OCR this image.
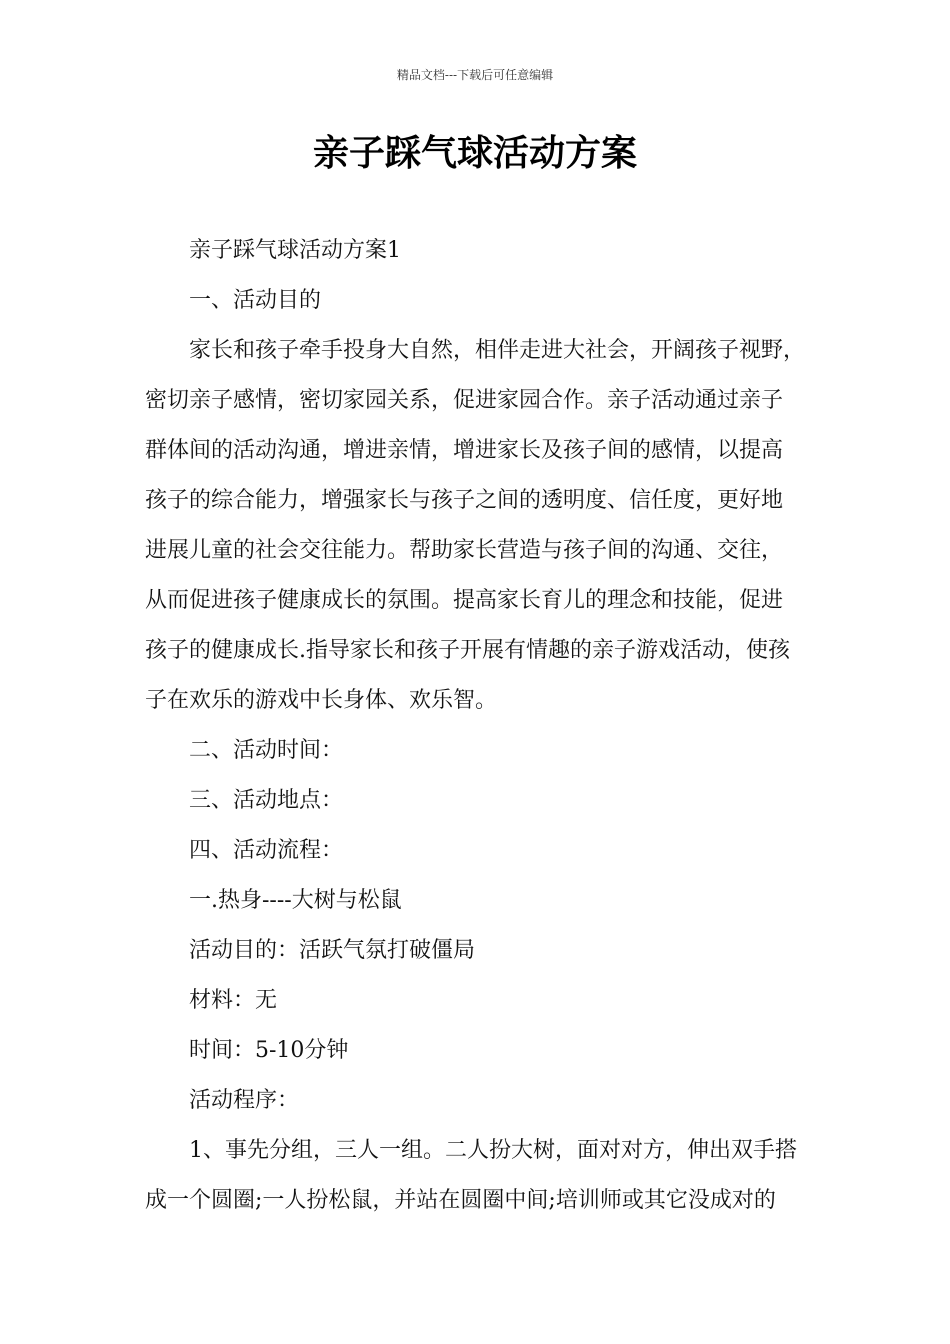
精品文档---下载后可任意编辑
亲子踩气球活动方案
亲子踩气球活动方案1
一、活动目的
家长和孩子牵手投身大自然，相伴走进大社会，开阔孩子视野，
密切亲子感情，密切家园关系，促进家园合作。亲子活动通过亲子
群体间的活动沟通，增进亲情，增进家长及孩子间的感情，以提高
孩子的综合能力，增强家长与孩子之间的透明度、信任度，更好地
进展儿童的社会交往能力。帮助家长营造与孩子间的沟通、交往，
从而促进孩子健康成长的氛围。提高家长育儿的理念和技能，促进
孩子的健康成长.指导家长和孩子开展有情趣的亲子游戏活动，使孩
子在欢乐的游戏中长身体、欢乐智。
二、活动时间：
三、活动地点：
四、活动流程：
一.热身----大树与松鼠
活动目的：活跃气氛打破僵局
材料：无
时间：5-10分钟
活动程序：
1、事先分组，三人一组。二人扮大树，面对对方，伸出双手搭
成一个圆圈;一人扮松鼠，并站在圆圈中间;培训师或其它没成对的
